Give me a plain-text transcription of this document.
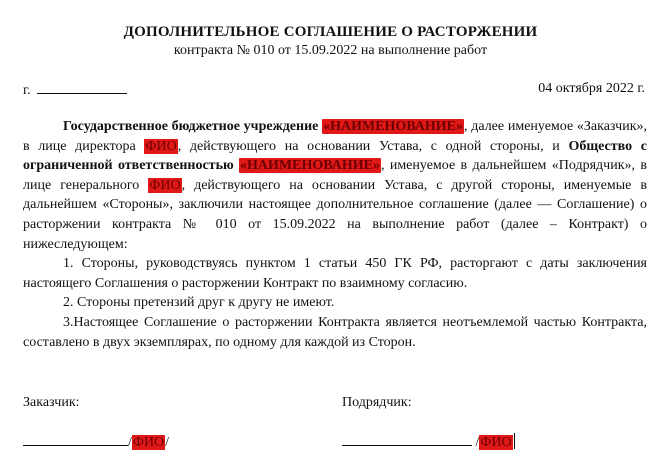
ДОПОЛНИТЕЛЬНОЕ СОГЛАШЕНИЕ О РАСТОРЖЕНИИ
контракта № 010 от 15.09.2022 на выполнение работ
г.	04 октября 2022 г.

Государственное бюджетное учреждение «НАИМЕНОВАНИЕ», далее именуемое «Заказчик», в лице директора ФИО, действующего на основании Устава, с одной стороны, и Общество с ограниченной ответственностью «НАИМЕНОВАНИЕ», именуемое в дальнейшем «Подрядчик», в лице генерального ФИО, действующего на основании Устава, с другой стороны, именуемые в дальнейшем «Стороны», заключили настоящее дополнительное соглашение (далее — Соглашение) о расторжении контракта № 010 от 15.09.2022 на выполнение работ (далее – Контракт) о нижеследующем:

1. Стороны, руководствуясь пунктом 1 статьи 450 ГК РФ, расторгают с даты заключения настоящего Соглашения о расторжении Контракт по взаимному согласию.

2. Стороны претензий друг к другу не имеют.

3.Настоящее Соглашение о расторжении Контракта является неотъемлемой частью Контракта, составлено в двух экземплярах, по одному для каждой из Сторон.

Заказчик:	Подрядчик:
/ФИО/	/ФИО
